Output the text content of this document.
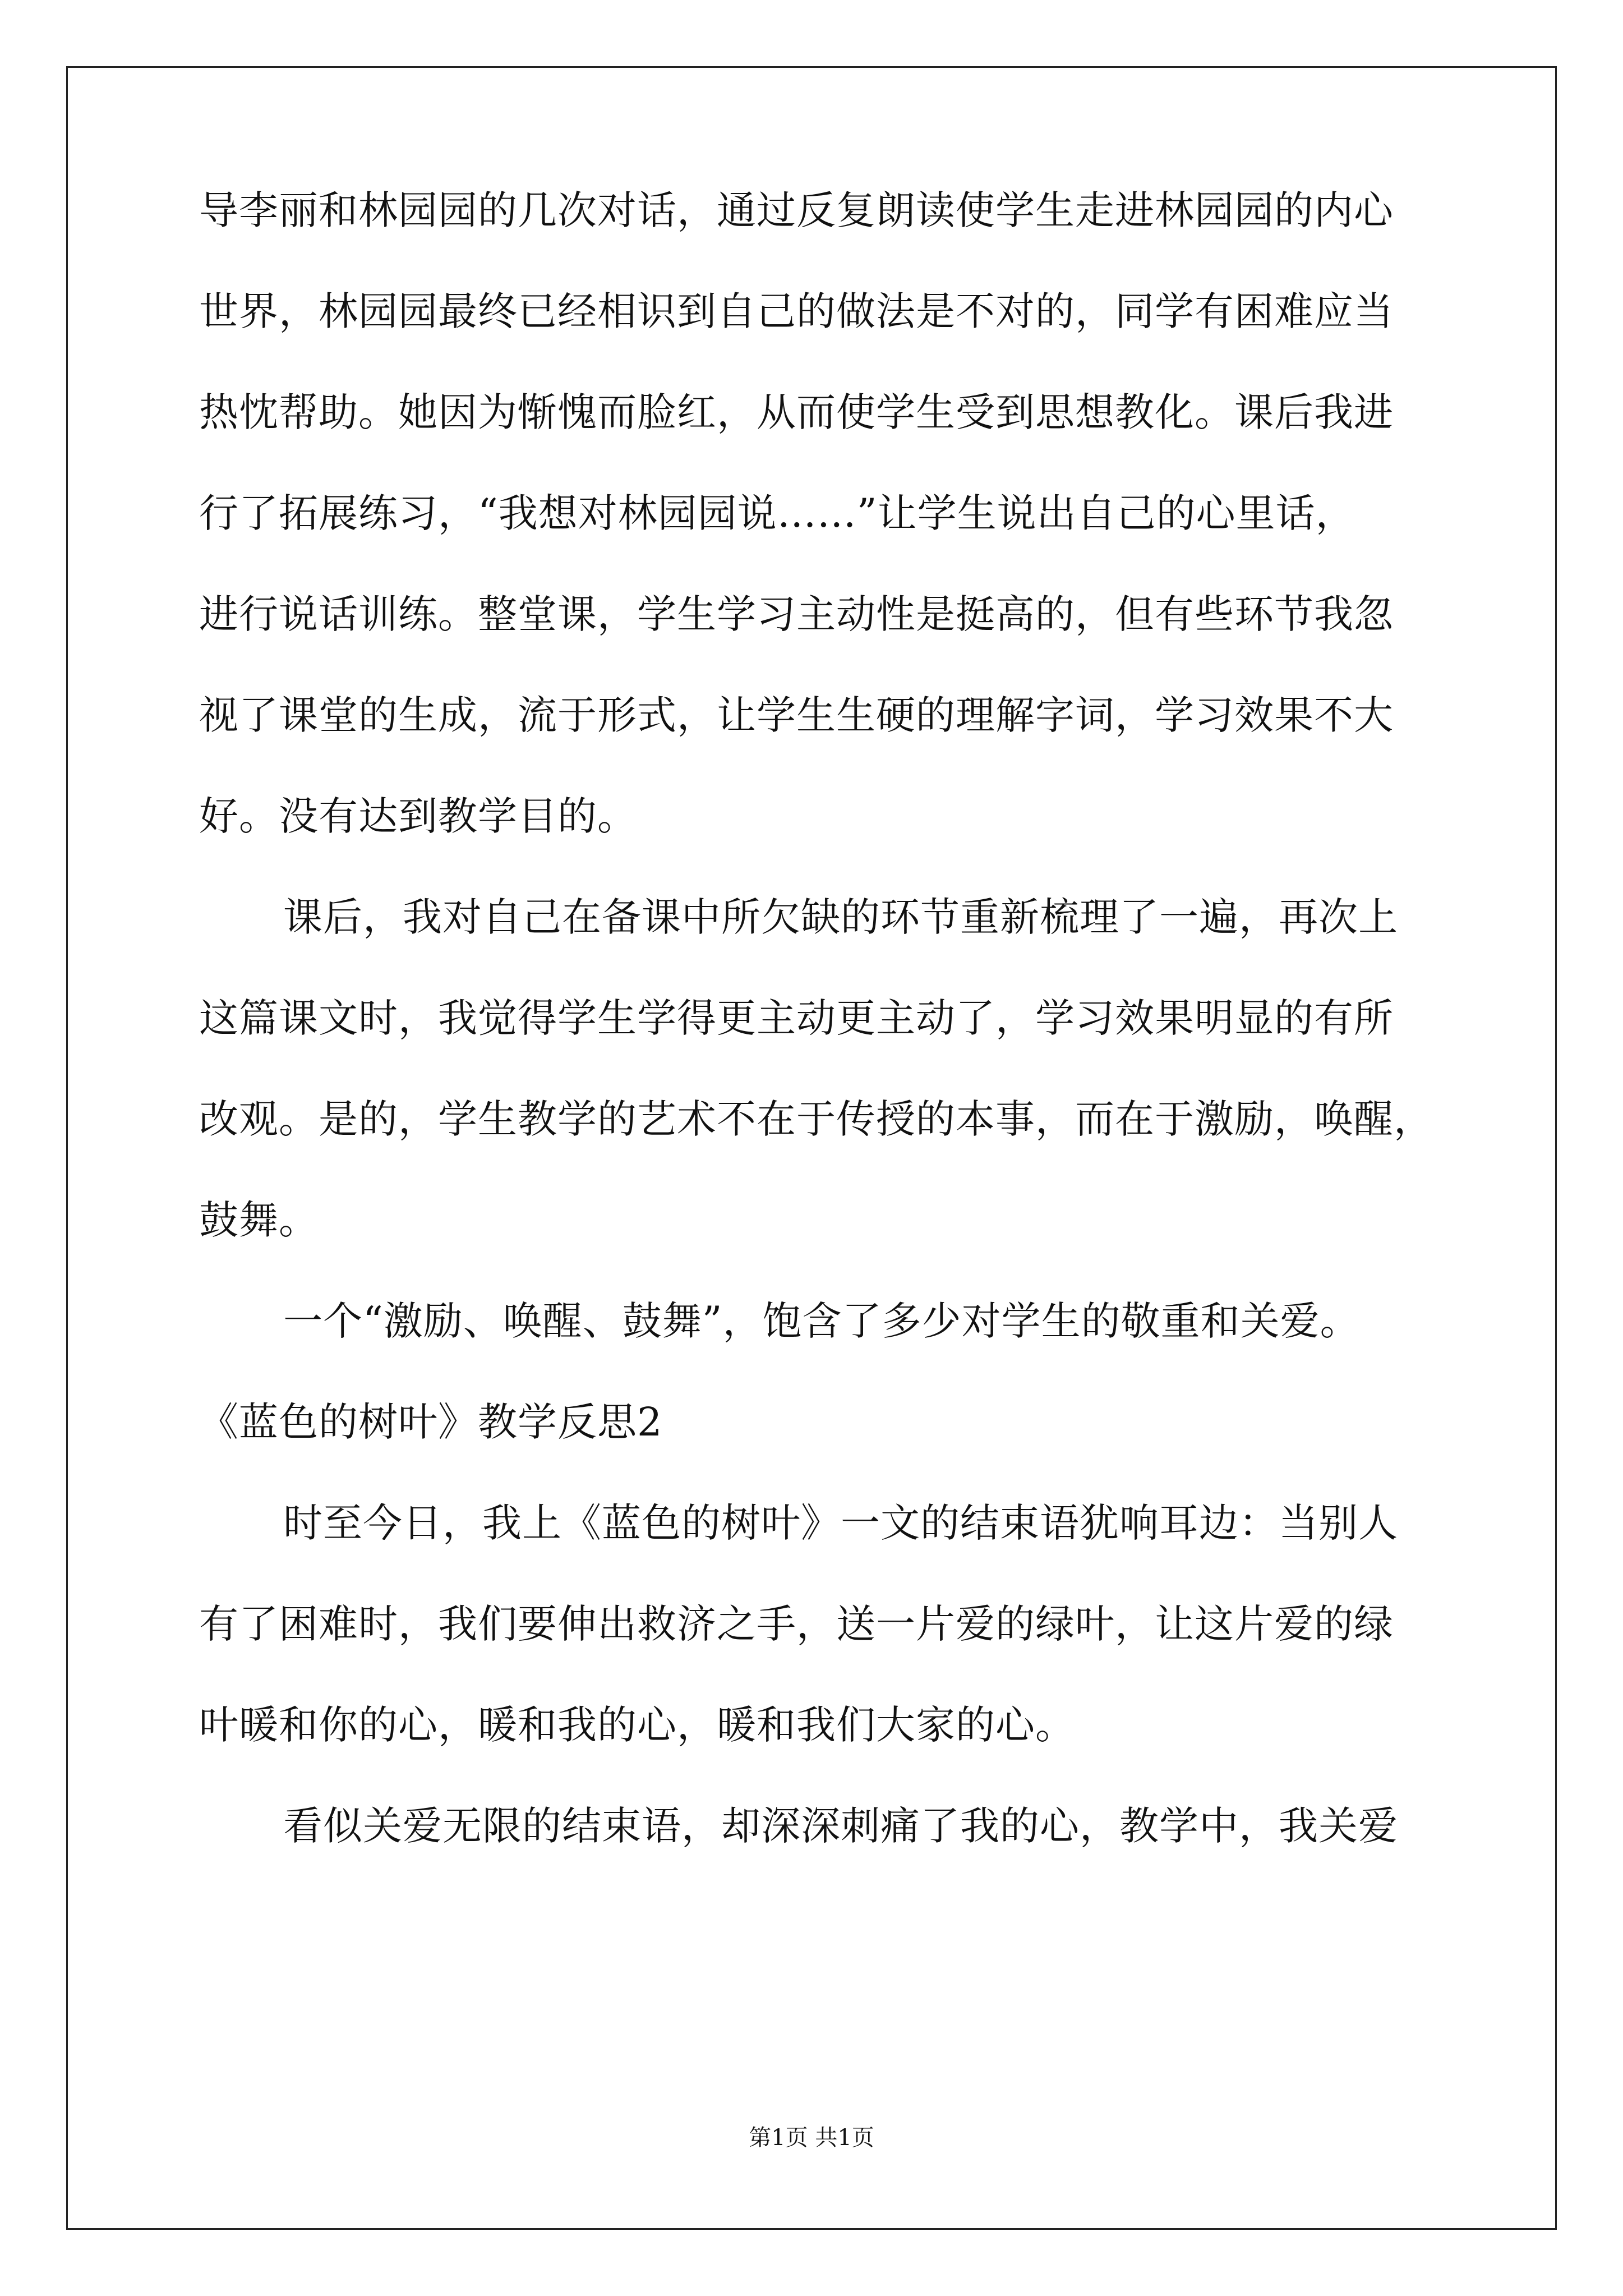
导李丽和林园园的几次对话，通过反复朗读使学生走进林园园的内心
世界，林园园最终已经相识到自己的做法是不对的，同学有困难应当
热忱帮助。她因为惭愧而脸红，从而使学生受到思想教化。课后我进
行了拓展练习，“我想对林园园说……”让学生说出自己的心里话，
进行说话训练。整堂课，学生学习主动性是挺高的，但有些环节我忽
视了课堂的生成，流于形式，让学生生硬的理解字词，学习效果不大
好。没有达到教学目的。
课后，我对自己在备课中所欠缺的环节重新梳理了一遍，再次上
这篇课文时，我觉得学生学得更主动更主动了，学习效果明显的有所
改观。是的，学生教学的艺术不在于传授的本事，而在于激励，唤醒，
鼓舞。
一个“激励、唤醒、鼓舞”，饱含了多少对学生的敬重和关爱。
《蓝色的树叶》教学反思2
时至今日，我上《蓝色的树叶》一文的结束语犹响耳边：当别人
有了困难时，我们要伸出救济之手，送一片爱的绿叶，让这片爱的绿
叶暖和你的心，暖和我的心，暖和我们大家的心。
看似关爱无限的结束语，却深深刺痛了我的心，教学中，我关爱
第1页 共1页
